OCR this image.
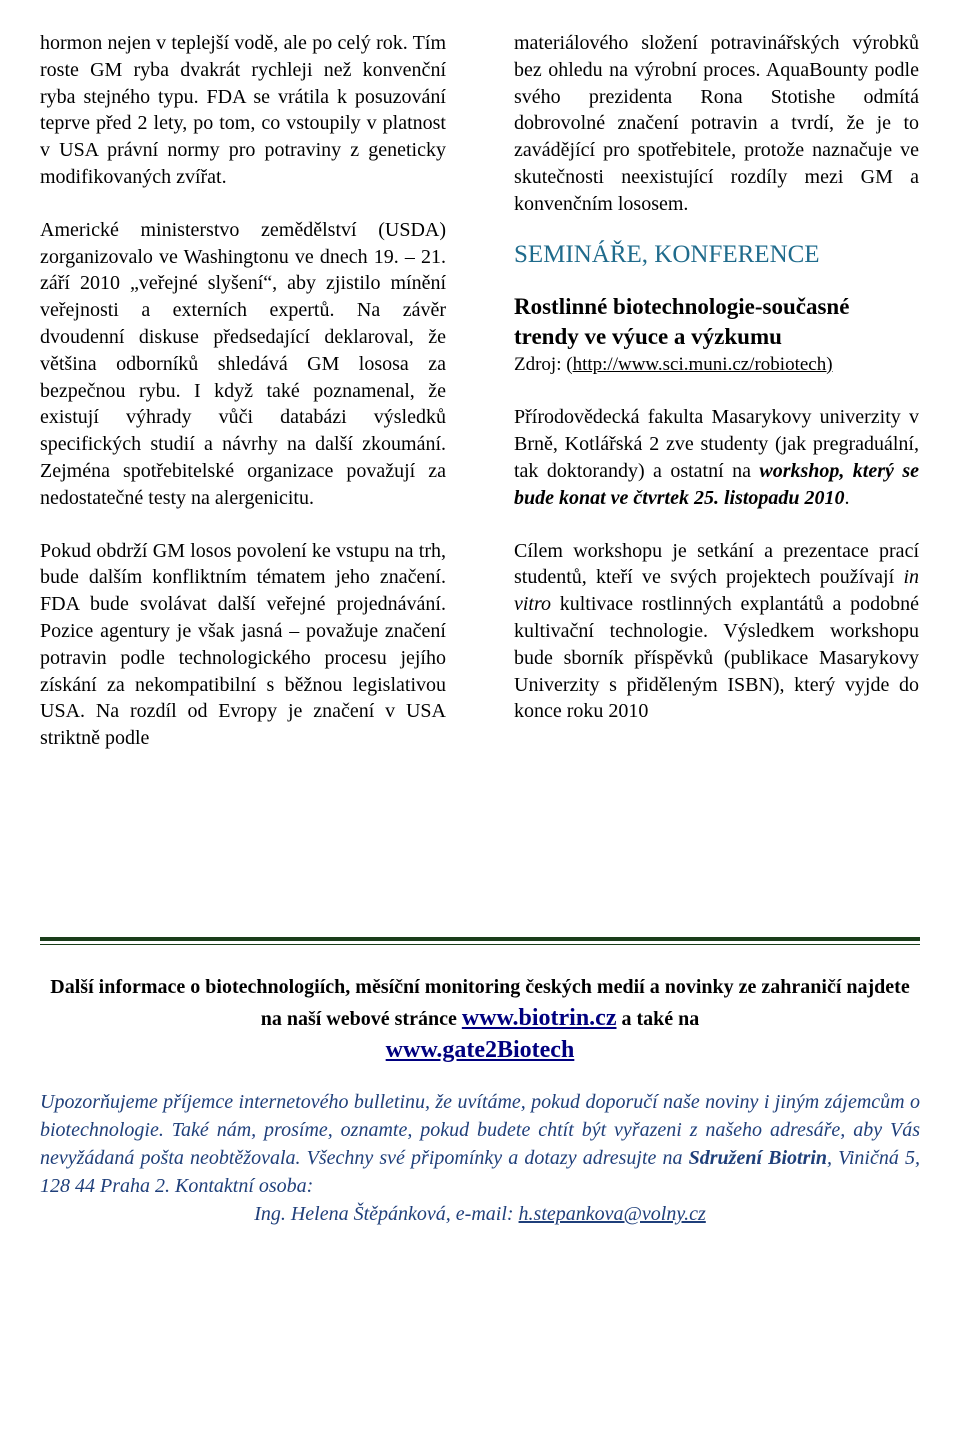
hormon nejen v teplejší vodě, ale po celý rok. Tím roste GM ryba dvakrát rychleji než konvenční ryba stejného typu. FDA se vrátila k posuzování teprve před 2 lety, po tom, co vstoupily v platnost v USA právní normy pro potraviny z geneticky modifikovaných zvířat.

Americké ministerstvo zemědělství (USDA) zorganizovalo ve Washingtonu ve dnech 19. – 21. září 2010 „veřejné slyšení“, aby zjistilo mínění veřejnosti a externích expertů. Na závěr dvoudenní diskuse předsedající deklaroval, že většina odborníků shledává GM lososa za bezpečnou rybu. I když také poznamenal, že existují výhrady vůči databázi výsledků specifických studií a návrhy na další zkoumání. Zejména spotřebitelské organizace považují za nedostatečné testy na alergenicitu.

Pokud obdrží GM losos povolení ke vstupu na trh, bude dalším konfliktním tématem jeho značení. FDA bude svolávat další veřejné projednávání. Pozice agentury je však jasná – považuje značení potravin podle technologického procesu jejího získání za nekompatibilní s běžnou legislativou USA. Na rozdíl od Evropy je značení v USA striktně podle

materiálového složení potravinářských výrobků bez ohledu na výrobní proces. AquaBounty podle svého prezidenta Rona Stotishe odmítá dobrovolné značení potravin a tvrdí, že je to zavádějící pro spotřebitele, protože naznačuje ve skutečnosti neexistující rozdíly mezi GM a konvenčním lososem.

SEMINÁŘE, KONFERENCE
Rostlinné biotechnologie-současné trendy ve výuce a výzkumu

Zdroj: (http://www.sci.muni.cz/robiotech)

Přírodovědecká fakulta Masarykovy univerzity v Brně, Kotlářská 2 zve studenty (jak pregraduální, tak doktorandy) a ostatní na workshop, který se bude konat ve čtvrtek 25. listopadu 2010.

Cílem workshopu je setkání a prezentace prací studentů, kteří ve svých projektech používají in vitro kultivace rostlinných explantátů a podobné kultivační technologie. Výsledkem workshopu bude sborník příspěvků (publikace Masarykovy Univerzity s přiděleným ISBN), který vyjde do konce roku 2010

Další informace o biotechnologiích, měsíční monitoring českých medií a novinky ze zahraničí najdete na naší webové stránce www.biotrin.cz a také na
www.gate2Biotech
Upozorňujeme příjemce internetového bulletinu, že uvítáme, pokud doporučí naše noviny i jiným zájemcům o biotechnologie. Také nám, prosíme, oznamte, pokud budete chtít být vyřazeni z našeho adresáře, aby Vás nevyžádaná pošta neobtěžovala. Všechny své připomínky a dotazy adresujte na Sdružení Biotrin, Viničná 5, 128 44 Praha 2. Kontaktní osoba:
Ing. Helena Štěpánková, e-mail: h.stepankova@volny.cz
